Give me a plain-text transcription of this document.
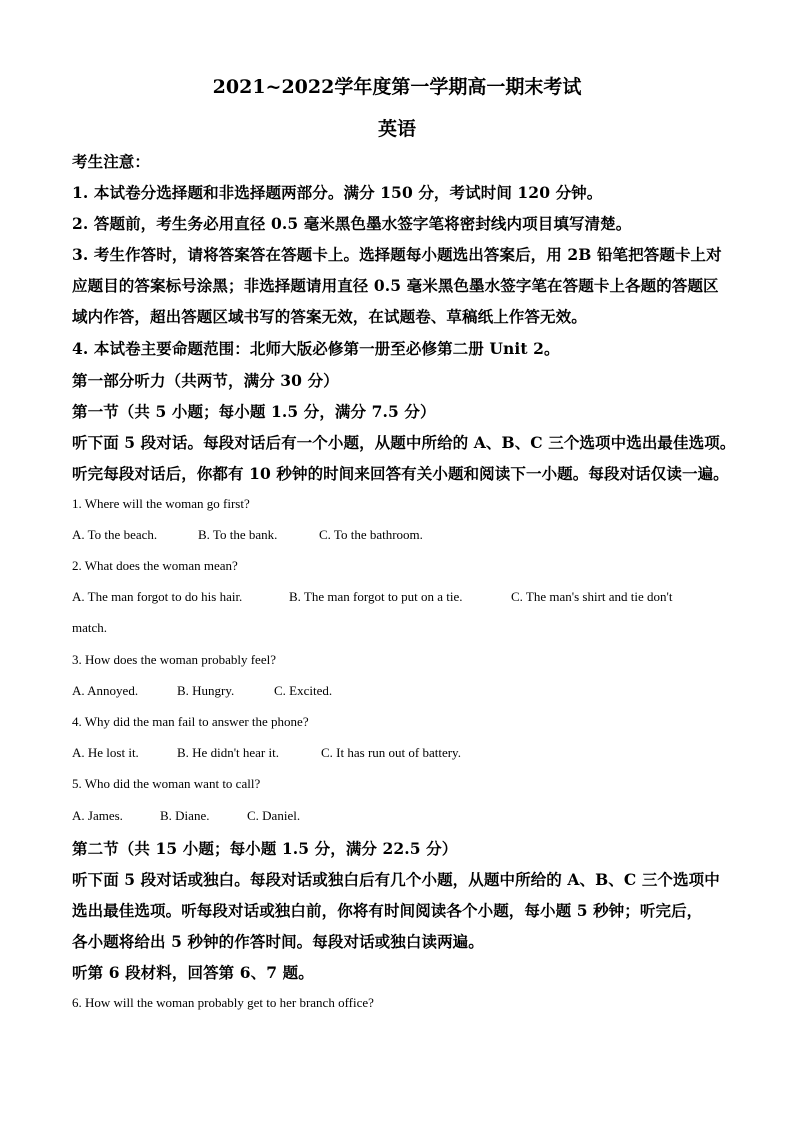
2021~2022学年度第一学期高一期末考试
英语
考生注意：
1. 本试卷分选择题和非选择题两部分。满分 150 分，考试时间 120 分钟。
2. 答题前，考生务必用直径 0.5 毫米黑色墨水签字笔将密封线内项目填写清楚。
3. 考生作答时，请将答案答在答题卡上。选择题每小题选出答案后，用 2B 铅笔把答题卡上对
应题目的答案标号涂黑；非选择题请用直径 0.5 毫米黑色墨水签字笔在答题卡上各题的答题区
域内作答，超出答题区域书写的答案无效，在试题卷、草稿纸上作答无效。
4. 本试卷主要命题范围：北师大版必修第一册至必修第二册 Unit 2。
第一部分听力（共两节，满分 30 分）
第一节（共 5 小题；每小题 1.5 分，满分 7.5 分）
听下面 5 段对话。每段对话后有一个小题，从题中所给的 A、B、C 三个选项中选出最佳选项。
听完每段对话后，你都有 10 秒钟的时间来回答有关小题和阅读下一小题。每段对话仅读一遍。
1. Where will the woman go first?
A. To the beach.	B. To the bank.	C. To the bathroom.
2. What does the woman mean?
A. The man forgot to do his hair.	B. The man forgot to put on a tie.	C. The man's shirt and tie don't
match.
3. How does the woman probably feel?
A. Annoyed.	B. Hungry.	C. Excited.
4. Why did the man fail to answer the phone?
A. He lost it.	B. He didn't hear it.	C. It has run out of battery.
5. Who did the woman want to call?
A. James.	B. Diane.	C. Daniel.
第二节（共 15 小题；每小题 1.5 分，满分 22.5 分）
听下面 5 段对话或独白。每段对话或独白后有几个小题，从题中所给的 A、B、C 三个选项中
选出最佳选项。听每段对话或独白前，你将有时间阅读各个小题，每小题 5 秒钟；听完后，
各小题将给出 5 秒钟的作答时间。每段对话或独白读两遍。
听第 6 段材料，回答第 6、7 题。
6. How will the woman probably get to her branch office?
